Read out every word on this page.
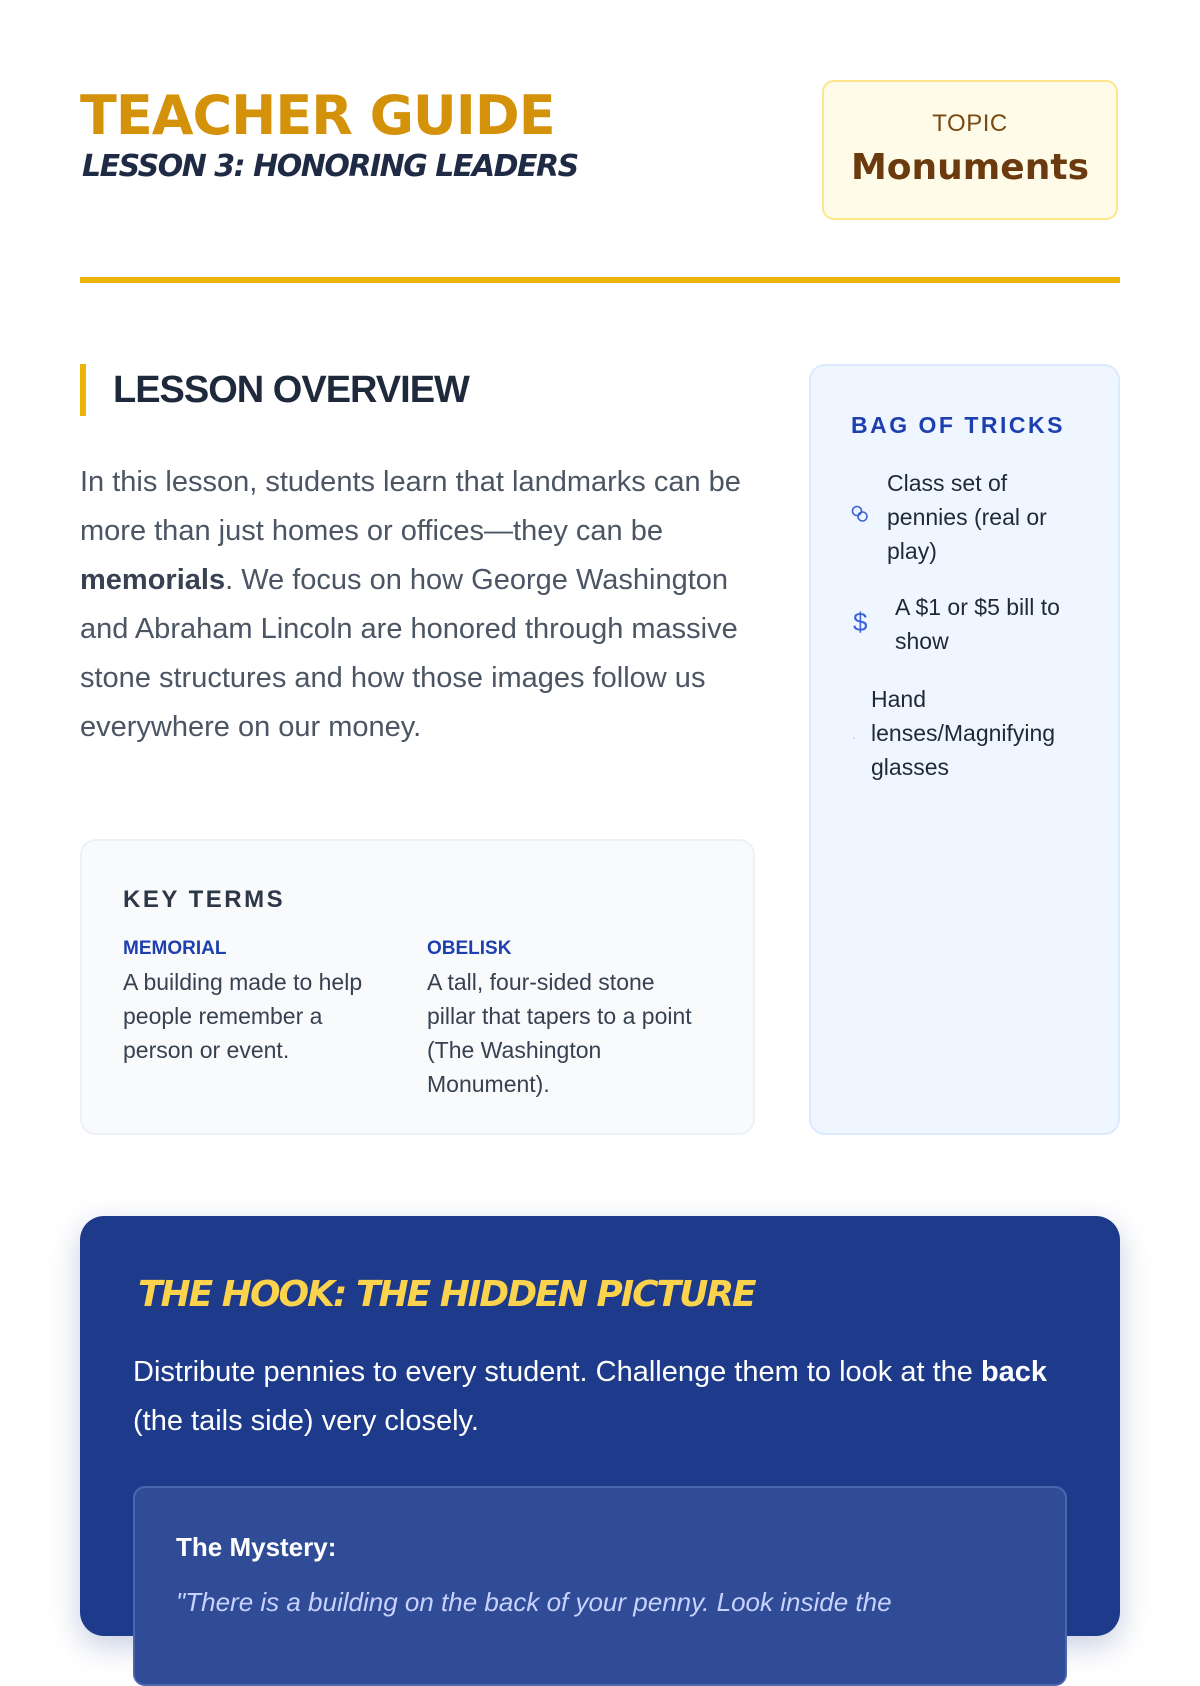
TEACHER GUIDE
LESSON 3: HONORING LEADERS
TOPIC
Monuments
LESSON OVERVIEW

In this lesson, students learn that landmarks can be more than just homes or offices—they can be memorials. We focus on how George Washington and Abraham Lincoln are honored through massive stone structures and how those images follow us everywhere on our money.

KEY TERMS
MEMORIAL
A building made to help people remember a person or event.
OBELISK
A tall, four-sided stone pillar that tapers to a point (The Washington Monument).
BAG OF TRICKS
Class set of pennies (real or play)
$ A $1 or $5 bill to show
Hand lenses/Magnifying glasses
THE HOOK: THE HIDDEN PICTURE

Distribute pennies to every student. Challenge them to look at the back (the tails side) very closely.

The Mystery:
"There is a building on the back of your penny. Look inside the
